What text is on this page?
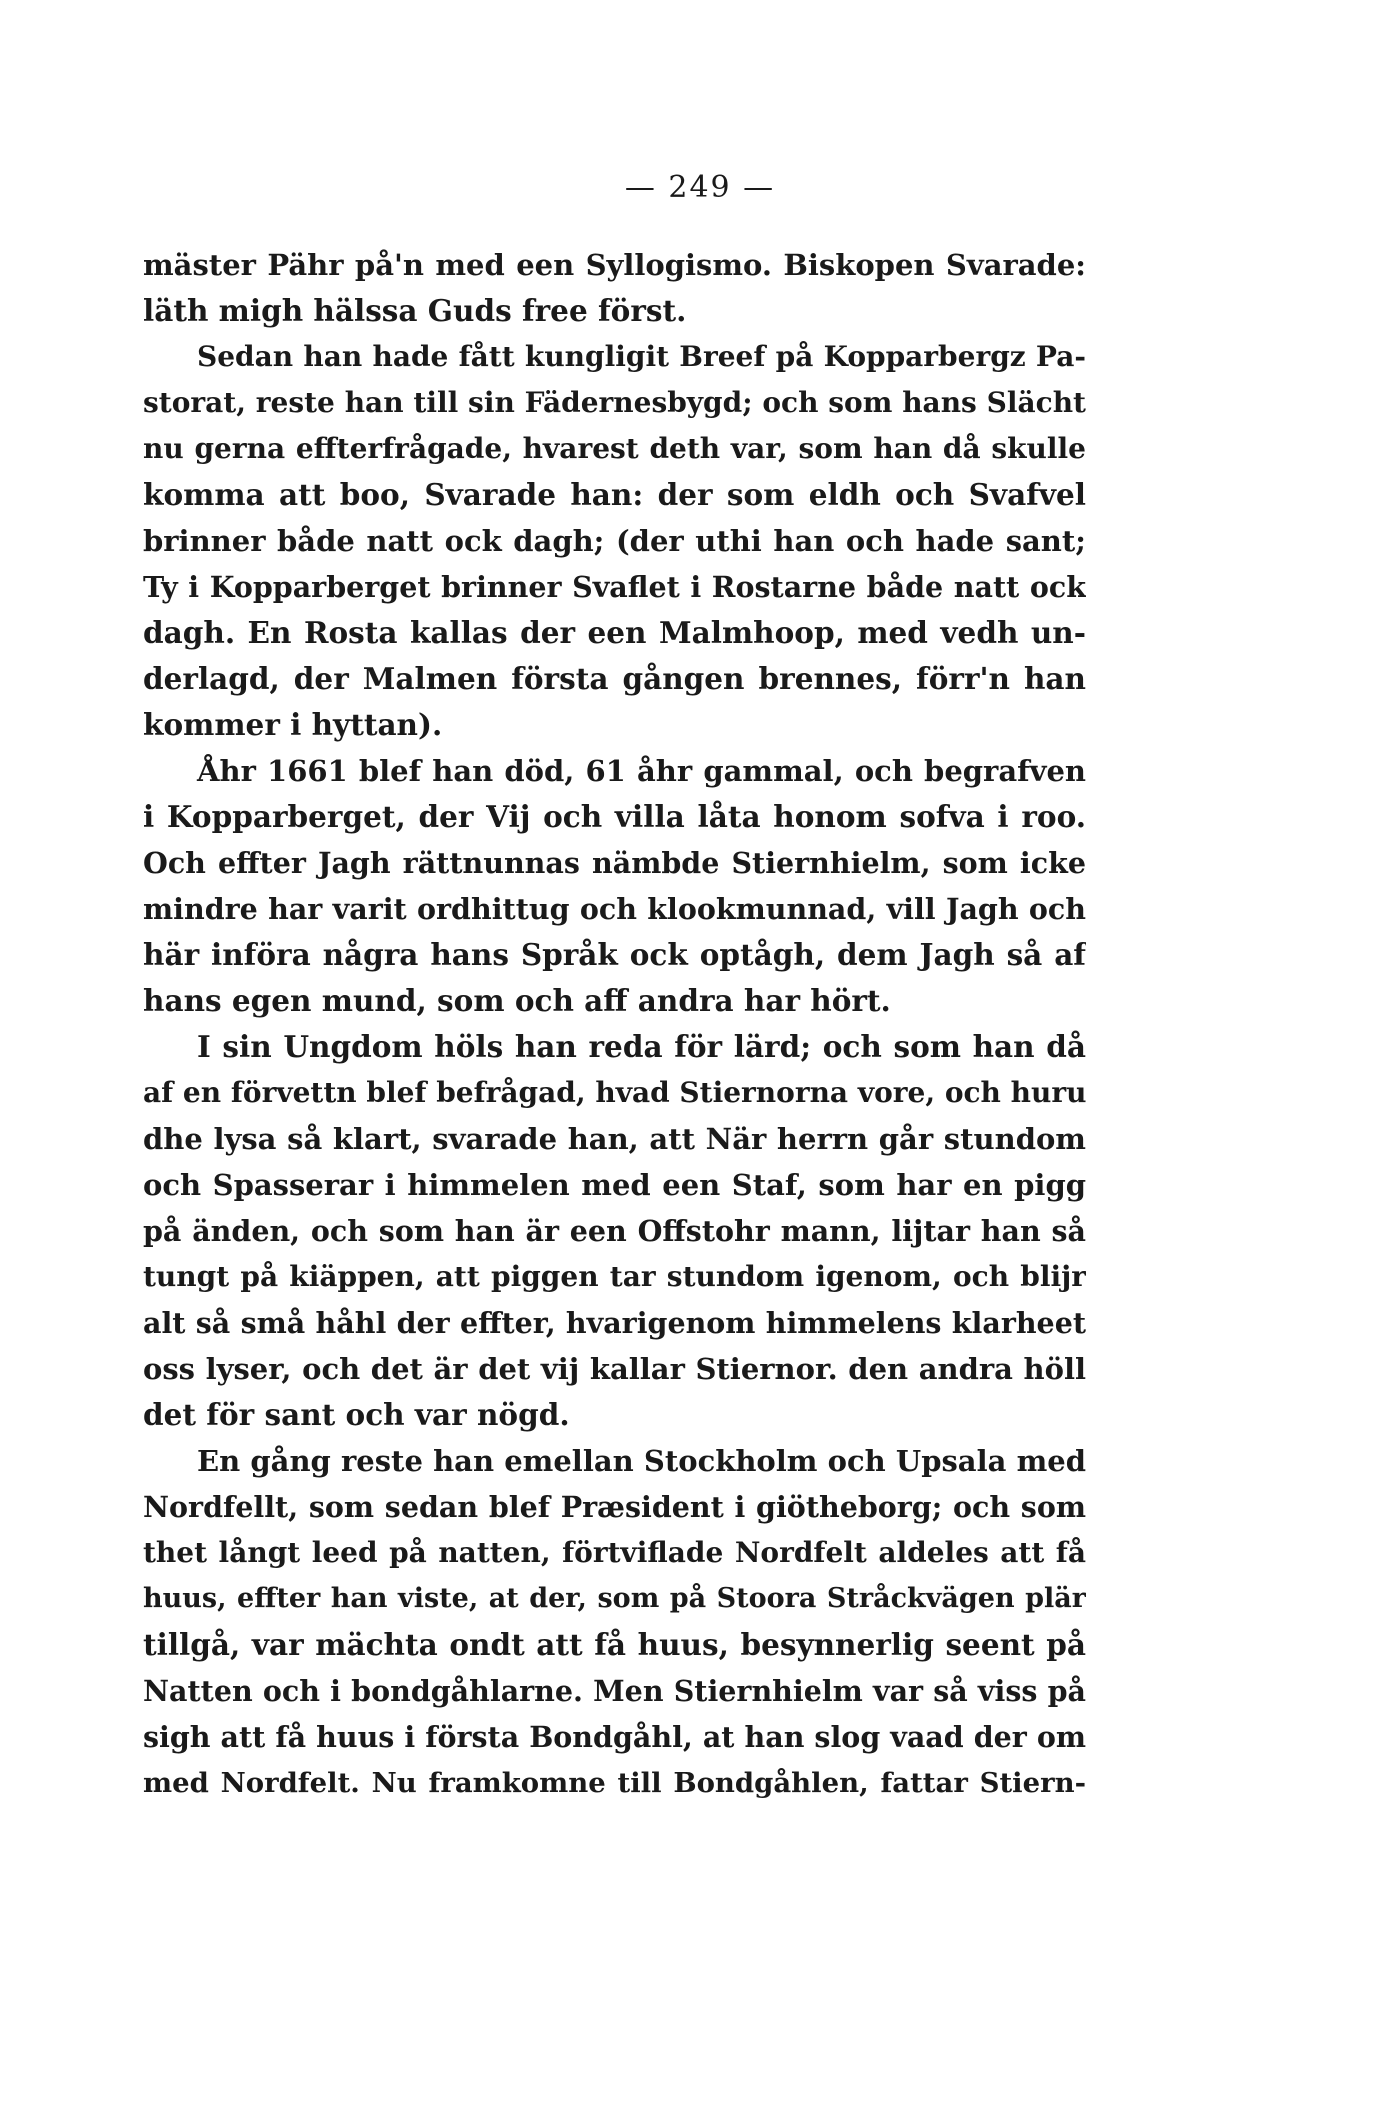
— 249 —
mäster Pähr på'n med een Syllogismo. Biskopen Svarade:
läth migh hälssa Guds free först.
Sedan han hade fått kungligit Breef på Kopparbergz Pa-
storat, reste han till sin Fädernesbygd; och som hans Slächt
nu gerna effterfrågade, hvarest deth var, som han då skulle
komma att boo, Svarade han: der som eldh och Svafvel
brinner både natt ock dagh; (der uthi han och hade sant;
Ty i Kopparberget brinner Svaflet i Rostarne både natt ock
dagh. En Rosta kallas der een Malmhoop, med vedh un-
derlagd, der Malmen första gången brennes, förr'n han
kommer i hyttan).
Åhr 1661 blef han död, 61 åhr gammal, och begrafven
i Kopparberget, der Vij och villa låta honom sofva i roo.
Och effter Jagh rättnunnas nämbde Stiernhielm, som icke
mindre har varit ordhittug och klookmunnad, vill Jagh och
här införa några hans Språk ock optågh, dem Jagh så af
hans egen mund, som och aff andra har hört.
I sin Ungdom höls han reda för lärd; och som han då
af en förvettn blef befrågad, hvad Stiernorna vore, och huru
dhe lysa så klart, svarade han, att När herrn går stundom
och Spasserar i himmelen med een Staf, som har en pigg
på änden, och som han är een Offstohr mann, lijtar han så
tungt på kiäppen, att piggen tar stundom igenom, och blijr
alt så små håhl der effter, hvarigenom himmelens klarheet
oss lyser, och det är det vij kallar Stiernor. den andra höll
det för sant och var nögd.
En gång reste han emellan Stockholm och Upsala med
Nordfellt, som sedan blef Præsident i giötheborg; och som
thet långt leed på natten, förtviflade Nordfelt aldeles att få
huus, effter han viste, at der, som på Stoora Stråckvägen plär
tillgå, var mächta ondt att få huus, besynnerlig seent på
Natten och i bondgåhlarne. Men Stiernhielm var så viss på
sigh att få huus i första Bondgåhl, at han slog vaad der om
med Nordfelt. Nu framkomne till Bondgåhlen, fattar Stiern-
